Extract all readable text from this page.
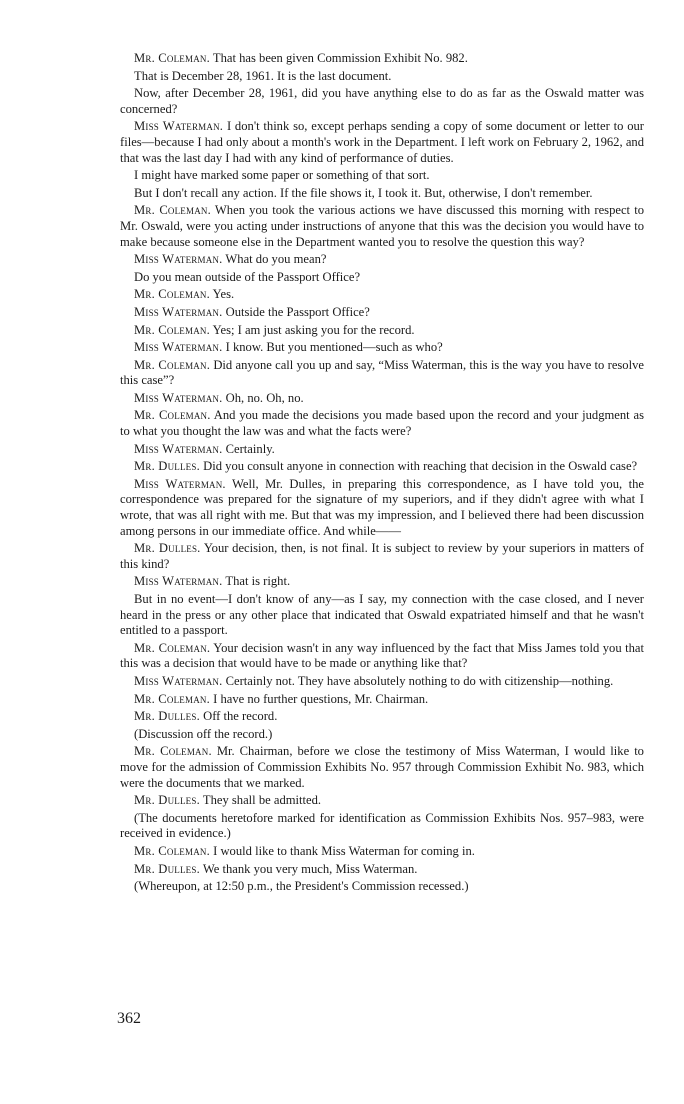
Mr. Coleman. That has been given Commission Exhibit No. 982.

That is December 28, 1961. It is the last document.

Now, after December 28, 1961, did you have anything else to do as far as the Oswald matter was concerned?

Miss Waterman. I don't think so, except perhaps sending a copy of some document or letter to our files—because I had only about a month's work in the Department. I left work on February 2, 1962, and that was the last day I had with any kind of performance of duties.

I might have marked some paper or something of that sort.

But I don't recall any action. If the file shows it, I took it. But, otherwise, I don't remember.

Mr. Coleman. When you took the various actions we have discussed this morning with respect to Mr. Oswald, were you acting under instructions of anyone that this was the decision you would have to make because someone else in the Department wanted you to resolve the question this way?

Miss Waterman. What do you mean?

Do you mean outside of the Passport Office?

Mr. Coleman. Yes.

Miss Waterman. Outside the Passport Office?

Mr. Coleman. Yes; I am just asking you for the record.

Miss Waterman. I know. But you mentioned—such as who?

Mr. Coleman. Did anyone call you up and say, “Miss Waterman, this is the way you have to resolve this case”?

Miss Waterman. Oh, no. Oh, no.

Mr. Coleman. And you made the decisions you made based upon the record and your judgment as to what you thought the law was and what the facts were?

Miss Waterman. Certainly.

Mr. Dulles. Did you consult anyone in connection with reaching that decision in the Oswald case?

Miss Waterman. Well, Mr. Dulles, in preparing this correspondence, as I have told you, the correspondence was prepared for the signature of my superiors, and if they didn't agree with what I wrote, that was all right with me. But that was my impression, and I believed there had been discussion among persons in our immediate office. And while——

Mr. Dulles. Your decision, then, is not final. It is subject to review by your superiors in matters of this kind?

Miss Waterman. That is right.

But in no event—I don't know of any—as I say, my connection with the case closed, and I never heard in the press or any other place that indicated that Oswald expatriated himself and that he wasn't entitled to a passport.

Mr. Coleman. Your decision wasn't in any way influenced by the fact that Miss James told you that this was a decision that would have to be made or anything like that?

Miss Waterman. Certainly not. They have absolutely nothing to do with citizenship—nothing.

Mr. Coleman. I have no further questions, Mr. Chairman.

Mr. Dulles. Off the record.

(Discussion off the record.)

Mr. Coleman. Mr. Chairman, before we close the testimony of Miss Waterman, I would like to move for the admission of Commission Exhibits No. 957 through Commission Exhibit No. 983, which were the documents that we marked.

Mr. Dulles. They shall be admitted.

(The documents heretofore marked for identification as Commission Exhibits Nos. 957–983, were received in evidence.)

Mr. Coleman. I would like to thank Miss Waterman for coming in.

Mr. Dulles. We thank you very much, Miss Waterman.

(Whereupon, at 12:50 p.m., the President's Commission recessed.)

362
